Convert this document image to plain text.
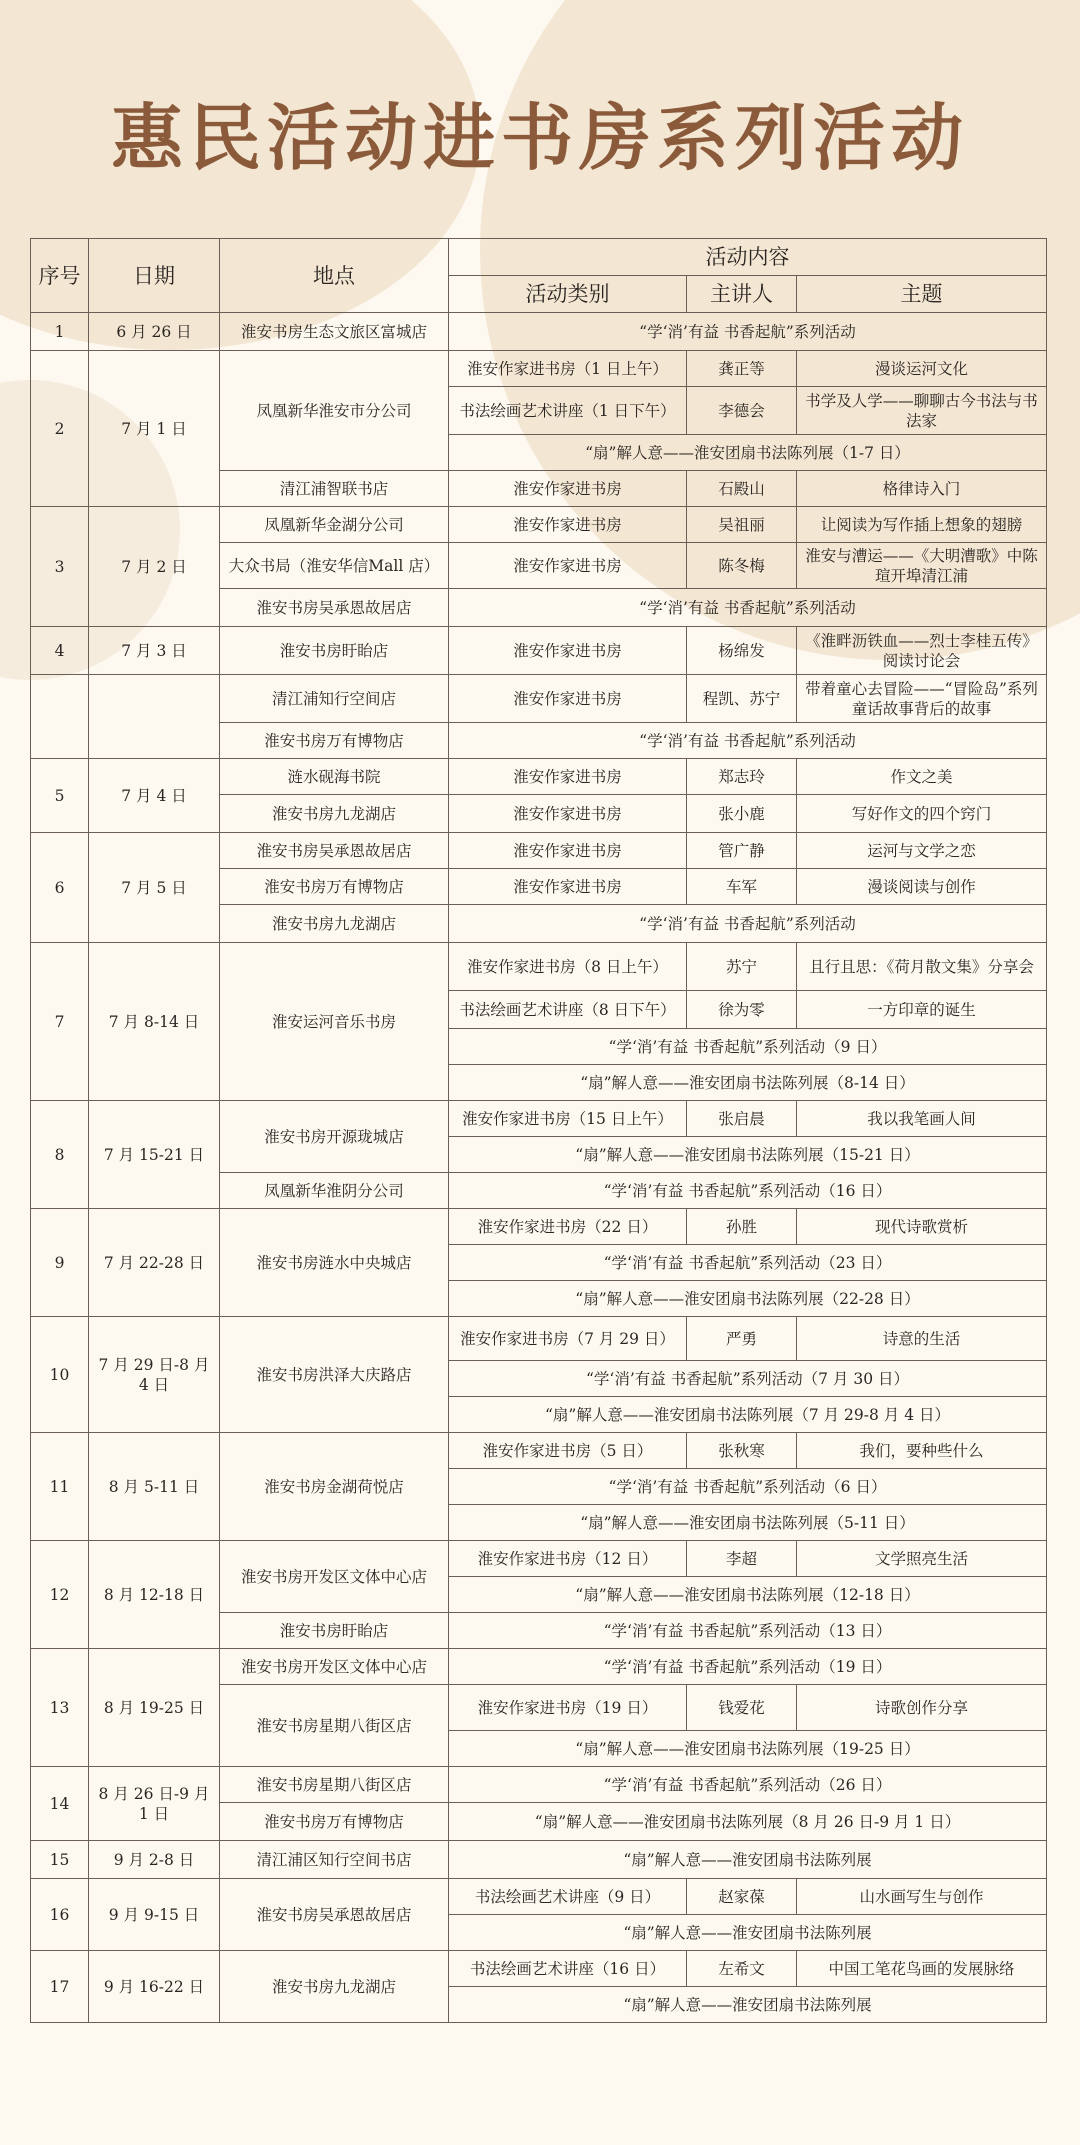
惠民活动进书房系列活动
序号	日期	地点	活动内容		
			活动类别	主讲人	主题
1	6 月 26 日	淮安书房生态文旅区富城店	“学‘消’有益 书香起航”系列活动		
2	7 月 1 日	凤凰新华淮安市分公司	淮安作家进书房（1 日上午）	龚正等	漫谈运河文化
			书法绘画艺术讲座（1 日下午）	李德会	书学及人学——聊聊古今书法与书法家
			“扇”解人意——淮安团扇书法陈列展（1-7 日）		
		清江浦智联书店	淮安作家进书房	石殿山	格律诗入门
3	7 月 2 日	凤凰新华金湖分公司	淮安作家进书房	吴祖丽	让阅读为写作插上想象的翅膀
		大众书局（淮安华信Mall 店）	淮安作家进书房	陈冬梅	淮安与漕运——《大明漕歌》中陈瑄开埠清江浦
		淮安书房吴承恩故居店	“学‘消’有益 书香起航”系列活动		
4	7 月 3 日	淮安书房盱眙店	淮安作家进书房	杨绵发	《淮畔沥铁血——烈士李桂五传》阅读讨论会
		清江浦知行空间店	淮安作家进书房	程凯、苏宁	带着童心去冒险——“冒险岛”系列童话故事背后的故事
		淮安书房万有博物店	“学‘消’有益 书香起航”系列活动		
5	7 月 4 日	涟水砚海书院	淮安作家进书房	郑志玲	作文之美
		淮安书房九龙湖店	淮安作家进书房	张小鹿	写好作文的四个窍门
6	7 月 5 日	淮安书房吴承恩故居店	淮安作家进书房	管广静	运河与文学之恋
		淮安书房万有博物店	淮安作家进书房	车军	漫谈阅读与创作
		淮安书房九龙湖店	“学‘消’有益 书香起航”系列活动		
7	7 月 8-14 日	淮安运河音乐书房	淮安作家进书房（8 日上午）	苏宁	且行且思：《荷月散文集》分享会
			书法绘画艺术讲座（8 日下午）	徐为零	一方印章的诞生
			“学‘消’有益 书香起航”系列活动（9 日）		
			“扇”解人意——淮安团扇书法陈列展（8-14 日）		
8	7 月 15-21 日	淮安书房开源珑城店	淮安作家进书房（15 日上午）	张启晨	我以我笔画人间
			“扇”解人意——淮安团扇书法陈列展（15-21 日）		
		凤凰新华淮阴分公司	“学‘消’有益 书香起航”系列活动（16 日）		
9	7 月 22-28 日	淮安书房涟水中央城店	淮安作家进书房（22 日）	孙胜	现代诗歌赏析
			“学‘消’有益 书香起航”系列活动（23 日）		
			“扇”解人意——淮安团扇书法陈列展（22-28 日）		
10	7 月 29 日-8 月 4 日	淮安书房洪泽大庆路店	淮安作家进书房（7 月 29 日）	严勇	诗意的生活
			“学‘消’有益 书香起航”系列活动（7 月 30 日）		
			“扇”解人意——淮安团扇书法陈列展（7 月 29-8 月 4 日）		
11	8 月 5-11 日	淮安书房金湖荷悦店	淮安作家进书房（5 日）	张秋寒	我们，要种些什么
			“学‘消’有益 书香起航”系列活动（6 日）		
			“扇”解人意——淮安团扇书法陈列展（5-11 日）		
12	8 月 12-18 日	淮安书房开发区文体中心店	淮安作家进书房（12 日）	李超	文学照亮生活
			“扇”解人意——淮安团扇书法陈列展（12-18 日）		
		淮安书房盱眙店	“学‘消’有益 书香起航”系列活动（13 日）		
13	8 月 19-25 日	淮安书房开发区文体中心店	“学‘消’有益 书香起航”系列活动（19 日）		
		淮安书房星期八街区店	淮安作家进书房（19 日）	钱爱花	诗歌创作分享
			“扇”解人意——淮安团扇书法陈列展（19-25 日）		
14	8 月 26 日-9 月 1 日	淮安书房星期八街区店	“学‘消’有益 书香起航”系列活动（26 日）		
		淮安书房万有博物店	“扇”解人意——淮安团扇书法陈列展（8 月 26 日-9 月 1 日）		
15	9 月 2-8 日	清江浦区知行空间书店	“扇”解人意——淮安团扇书法陈列展		
16	9 月 9-15 日	淮安书房吴承恩故居店	书法绘画艺术讲座（9 日）	赵家葆	山水画写生与创作
			“扇”解人意——淮安团扇书法陈列展		
17	9 月 16-22 日	淮安书房九龙湖店	书法绘画艺术讲座（16 日）	左希文	中国工笔花鸟画的发展脉络
			“扇”解人意——淮安团扇书法陈列展		
